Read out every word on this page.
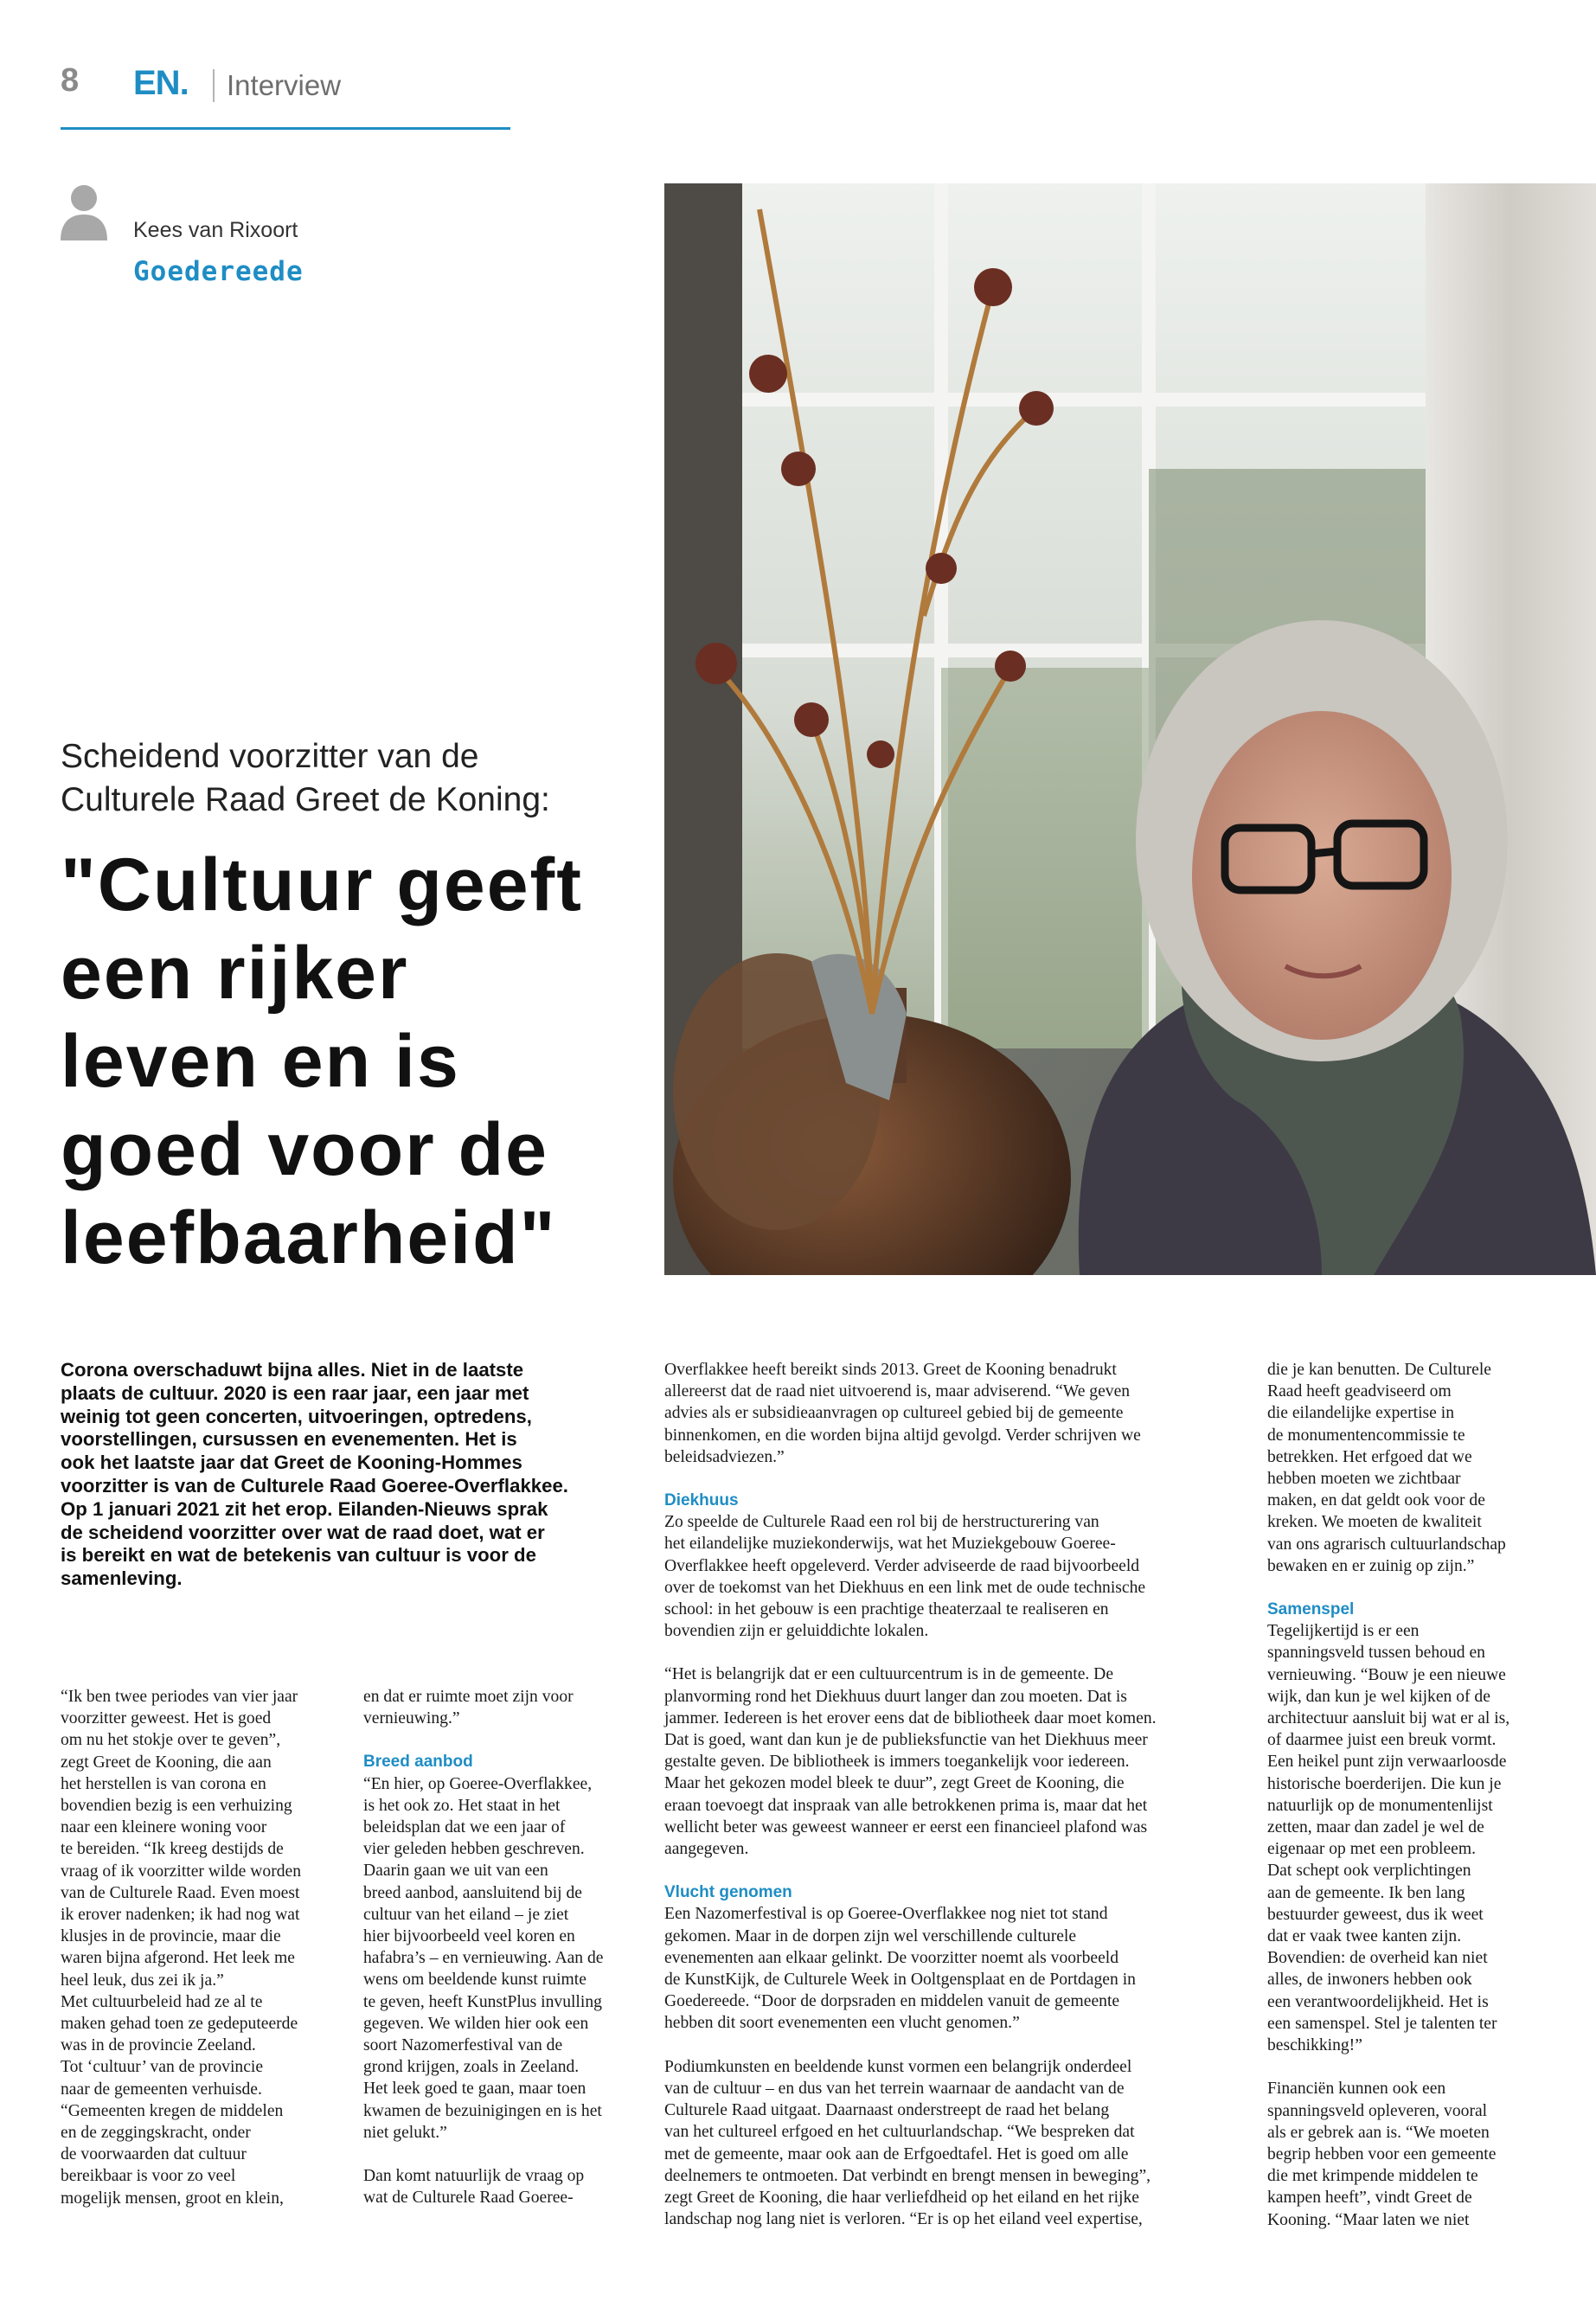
8 EN. Interview
Kees van Rixoort
Goedereede
Scheidend voorzitter van de
Culturele Raad Greet de Koning:
"Cultuur geeft
een rijker
leven en is
goed voor de
leefbaarheid"
Corona overschaduwt bijna alles. Niet in de laatste
plaats de cultuur. 2020 is een raar jaar, een jaar met
weinig tot geen concerten, uitvoeringen, optredens,
voorstellingen, cursussen en evenementen. Het is
ook het laatste jaar dat Greet de Kooning-Hommes
voorzitter is van de Culturele Raad Goeree-Overflakkee.
Op 1 januari 2021 zit het erop. Eilanden-Nieuws sprak
de scheidend voorzitter over wat de raad doet, wat er
is bereikt en wat de betekenis van cultuur is voor de
samenleving.
“Ik ben twee periodes van vier jaar
voorzitter geweest. Het is goed
om nu het stokje over te geven”,
zegt Greet de Kooning, die aan
het herstellen is van corona en
bovendien bezig is een verhuizing
naar een kleinere woning voor
te bereiden. “Ik kreeg destijds de
vraag of ik voorzitter wilde worden
van de Culturele Raad. Even moest
ik erover nadenken; ik had nog wat
klusjes in de provincie, maar die
waren bijna afgerond. Het leek me
heel leuk, dus zei ik ja.”
Met cultuurbeleid had ze al te
maken gehad toen ze gedeputeerde
was in de provincie Zeeland.
Tot ‘cultuur’ van de provincie
naar de gemeenten verhuisde.
“Gemeenten kregen de middelen
en de zeggingskracht, onder
de voorwaarden dat cultuur
bereikbaar is voor zo veel
mogelijk mensen, groot en klein,
en dat er ruimte moet zijn voor
vernieuwing.”
Breed aanbod
“En hier, op Goeree-Overflakkee,
is het ook zo. Het staat in het
beleidsplan dat we een jaar of
vier geleden hebben geschreven.
Daarin gaan we uit van een
breed aanbod, aansluitend bij de
cultuur van het eiland – je ziet
hier bijvoorbeeld veel koren en
hafabra’s – en vernieuwing. Aan de
wens om beeldende kunst ruimte
te geven, heeft KunstPlus invulling
gegeven. We wilden hier ook een
soort Nazomerfestival van de
grond krijgen, zoals in Zeeland.
Het leek goed te gaan, maar toen
kwamen de bezuinigingen en is het
niet gelukt.”
Dan komt natuurlijk de vraag op
wat de Culturele Raad Goeree-
Overflakkee heeft bereikt sinds 2013. Greet de Kooning benadrukt
allereerst dat de raad niet uitvoerend is, maar adviserend. “We geven
advies als er subsidieaanvragen op cultureel gebied bij de gemeente
binnenkomen, en die worden bijna altijd gevolgd. Verder schrijven we
beleidsadviezen.”
Diekhuus
Zo speelde de Culturele Raad een rol bij de herstructurering van
het eilandelijke muziekonderwijs, wat het Muziekgebouw Goeree-
Overflakkee heeft opgeleverd. Verder adviseerde de raad bijvoorbeeld
over de toekomst van het Diekhuus en een link met de oude technische
school: in het gebouw is een prachtige theaterzaal te realiseren en
bovendien zijn er geluiddichte lokalen.
“Het is belangrijk dat er een cultuurcentrum is in de gemeente. De
planvorming rond het Diekhuus duurt langer dan zou moeten. Dat is
jammer. Iedereen is het erover eens dat de bibliotheek daar moet komen.
Dat is goed, want dan kun je de publieksfunctie van het Diekhuus meer
gestalte geven. De bibliotheek is immers toegankelijk voor iedereen.
Maar het gekozen model bleek te duur”, zegt Greet de Kooning, die
eraan toevoegt dat inspraak van alle betrokkenen prima is, maar dat het
wellicht beter was geweest wanneer er eerst een financieel plafond was
aangegeven.
Vlucht genomen
Een Nazomerfestival is op Goeree-Overflakkee nog niet tot stand
gekomen. Maar in de dorpen zijn wel verschillende culturele
evenementen aan elkaar gelinkt. De voorzitter noemt als voorbeeld
de KunstKijk, de Culturele Week in Ooltgensplaat en de Portdagen in
Goedereede. “Door de dorpsraden en middelen vanuit de gemeente
hebben dit soort evenementen een vlucht genomen.”
Podiumkunsten en beeldende kunst vormen een belangrijk onderdeel
van de cultuur – en dus van het terrein waarnaar de aandacht van de
Culturele Raad uitgaat. Daarnaast onderstreept de raad het belang
van het cultureel erfgoed en het cultuurlandschap. “We bespreken dat
met de gemeente, maar ook aan de Erfgoedtafel. Het is goed om alle
deelnemers te ontmoeten. Dat verbindt en brengt mensen in beweging”,
zegt Greet de Kooning, die haar verliefdheid op het eiland en het rijke
landschap nog lang niet is verloren. “Er is op het eiland veel expertise,
die je kan benutten. De Culturele
Raad heeft geadviseerd om
die eilandelijke expertise in
de monumentencommissie te
betrekken. Het erfgoed dat we
hebben moeten we zichtbaar
maken, en dat geldt ook voor de
kreken. We moeten de kwaliteit
van ons agrarisch cultuurlandschap
bewaken en er zuinig op zijn.”
Samenspel
Tegelijkertijd is er een
spanningsveld tussen behoud en
vernieuwing. “Bouw je een nieuwe
wijk, dan kun je wel kijken of de
architectuur aansluit bij wat er al is,
of daarmee juist een breuk vormt.
Een heikel punt zijn verwaarloosde
historische boerderijen. Die kun je
natuurlijk op de monumentenlijst
zetten, maar dan zadel je wel de
eigenaar op met een probleem.
Dat schept ook verplichtingen
aan de gemeente. Ik ben lang
bestuurder geweest, dus ik weet
dat er vaak twee kanten zijn.
Bovendien: de overheid kan niet
alles, de inwoners hebben ook
een verantwoordelijkheid. Het is
een samenspel. Stel je talenten ter
beschikking!”
Financiën kunnen ook een
spanningsveld opleveren, vooral
als er gebrek aan is. “We moeten
begrip hebben voor een gemeente
die met krimpende middelen te
kampen heeft”, vindt Greet de
Kooning. “Maar laten we niet
